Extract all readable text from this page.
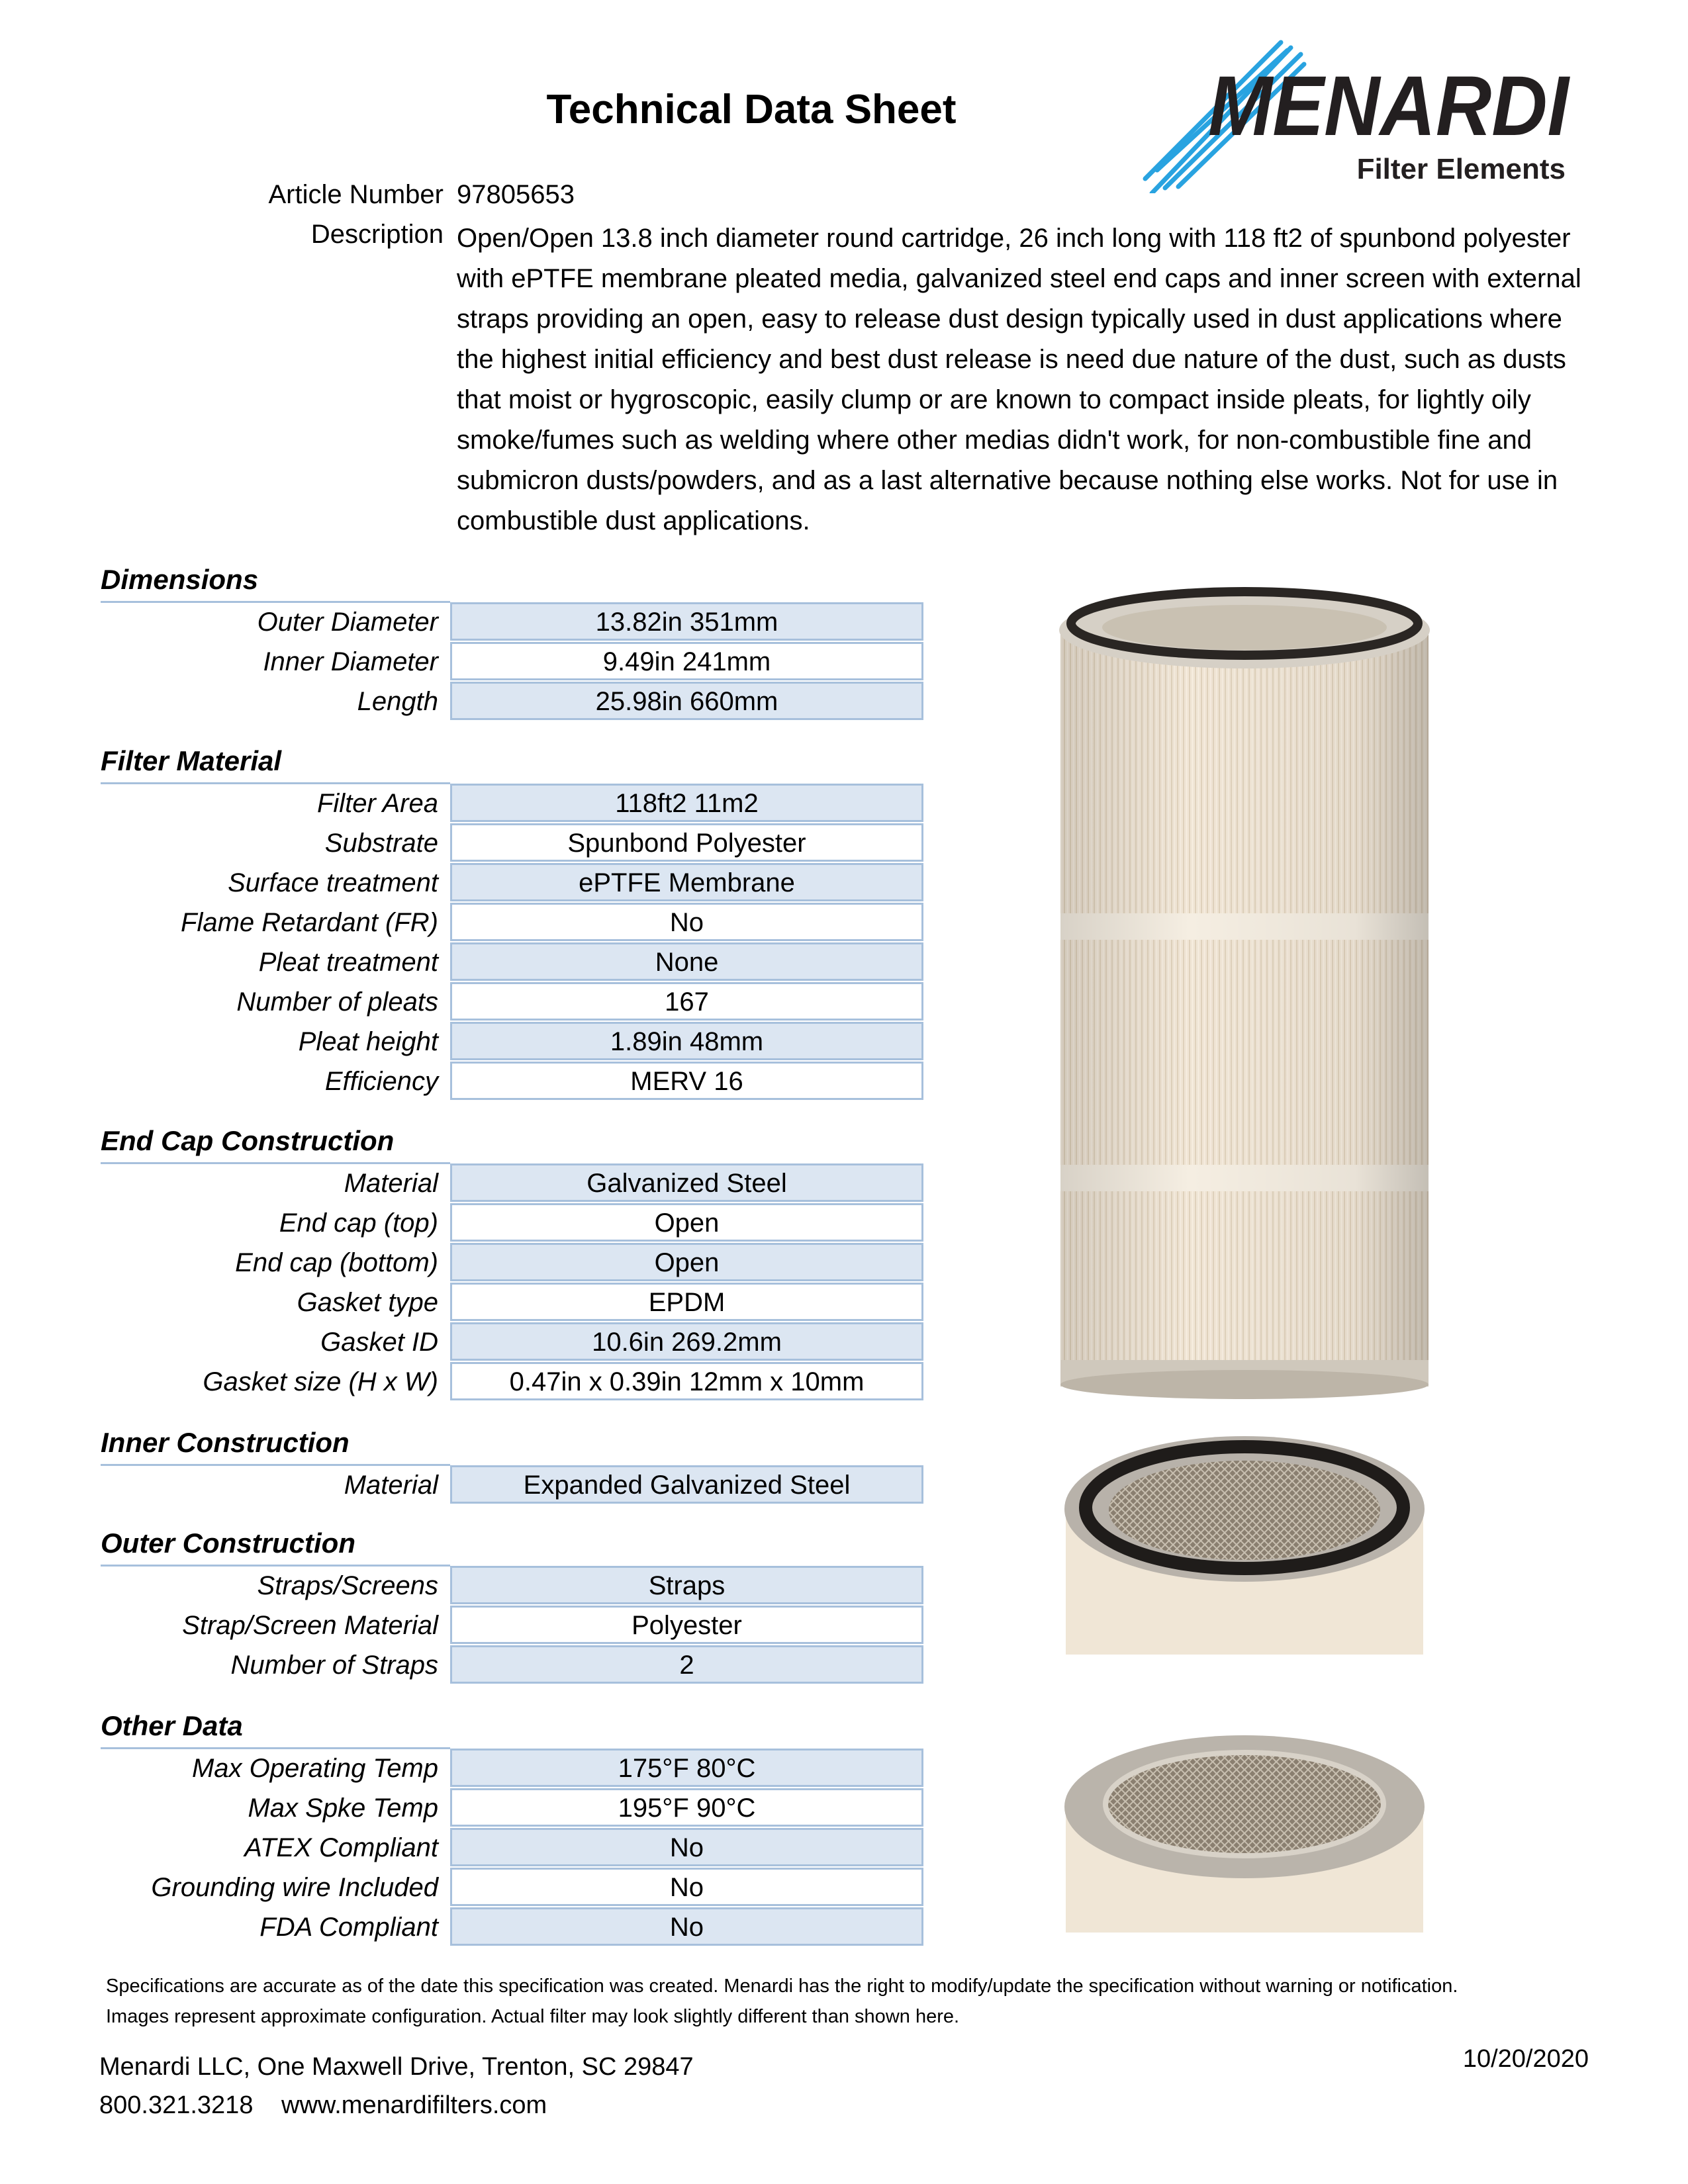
Technical Data Sheet	MENARDI
Filter Elements
Article Number 97805653
Description Open/Open 13.8 inch diameter round cartridge, 26 inch long with 118 ft2 of spunbond polyester with ePTFE membrane pleated media, galvanized steel end caps and inner screen with external straps providing an open, easy to release dust design typically used in dust applications where the highest initial efficiency and best dust release is need due nature of the dust, such as dusts that moist or hygroscopic, easily clump or are known to compact inside pleats, for lightly oily smoke/fumes such as welding where other medias didn't work, for non-combustible fine and submicron dusts/powders, and as a last alternative because nothing else works. Not for use in combustible dust applications.
Dimensions
Outer Diameter	13.82in 351mm
Inner Diameter	9.49in 241mm
Length	25.98in 660mm
Filter Material
Filter Area	118ft2 11m2
Substrate	Spunbond Polyester
Surface treatment	ePTFE Membrane
Flame Retardant (FR)	No
Pleat treatment	None
Number of pleats	167
Pleat height	1.89in 48mm
Efficiency	MERV 16
End Cap Construction
Material	Galvanized Steel
End cap (top)	Open
End cap (bottom)	Open
Gasket type	EPDM
Gasket ID	10.6in 269.2mm
Gasket size (H x W)	0.47in x 0.39in 12mm x 10mm
Inner Construction
Material	Expanded Galvanized Steel
Outer Construction
Straps/Screens	Straps
Strap/Screen Material	Polyester
Number of Straps	2
Other Data
Max Operating Temp	175°F 80°C
Max Spke Temp	195°F 90°C
ATEX Compliant	No
Grounding wire Included	No
FDA Compliant	No
Specifications are accurate as of the date this specification was created. Menardi has the right to modify/update the specification without warning or notification.
Images represent approximate configuration. Actual filter may look slightly different than shown here.
Menardi LLC, One Maxwell Drive, Trenton, SC 29847
800.321.3218 www.menardifilters.com
10/20/2020
